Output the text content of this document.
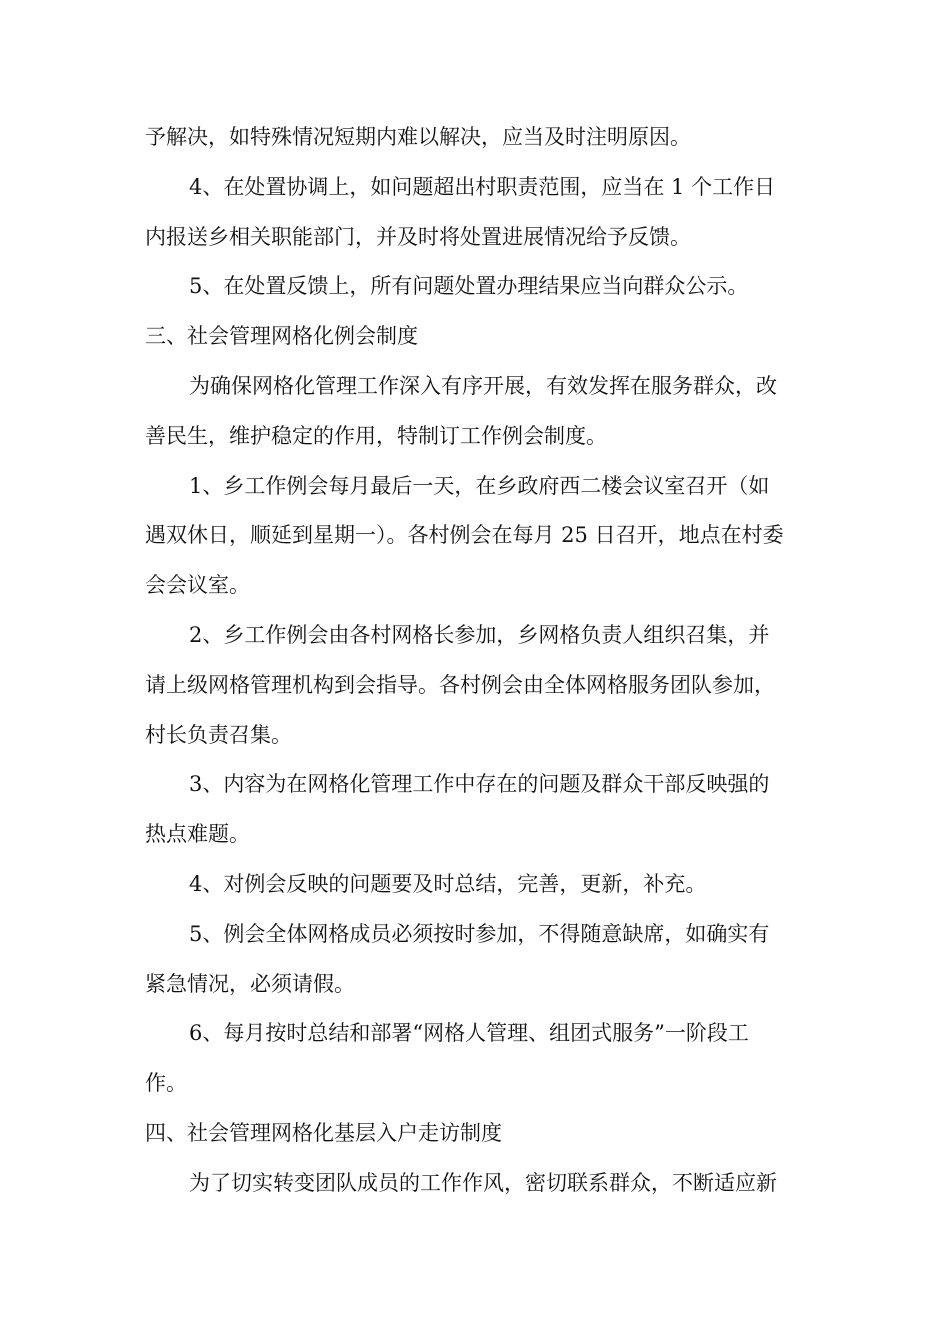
予解决，如特殊情况短期内难以解决，应当及时注明原因。
4、在处置协调上，如问题超出村职责范围，应当在 1 个工作日
内报送乡相关职能部门，并及时将处置进展情况给予反馈。
5、在处置反馈上，所有问题处置办理结果应当向群众公示。
三、社会管理网格化例会制度
为确保网格化管理工作深入有序开展，有效发挥在服务群众，改
善民生，维护稳定的作用，特制订工作例会制度。
1、乡工作例会每月最后一天，在乡政府西二楼会议室召开（如
遇双休日，顺延到星期一）。各村例会在每月 25 日召开，地点在村委
会会议室。
2、乡工作例会由各村网格长参加，乡网格负责人组织召集，并
请上级网格管理机构到会指导。各村例会由全体网格服务团队参加，
村长负责召集。
3、内容为在网格化管理工作中存在的问题及群众干部反映强的
热点难题。
4、对例会反映的问题要及时总结，完善，更新，补充。
5、例会全体网格成员必须按时参加，不得随意缺席，如确实有
紧急情况，必须请假。
6、每月按时总结和部署“网格人管理、组团式服务”一阶段工
作。
四、社会管理网格化基层入户走访制度
为了切实转变团队成员的工作作风，密切联系群众，不断适应新
